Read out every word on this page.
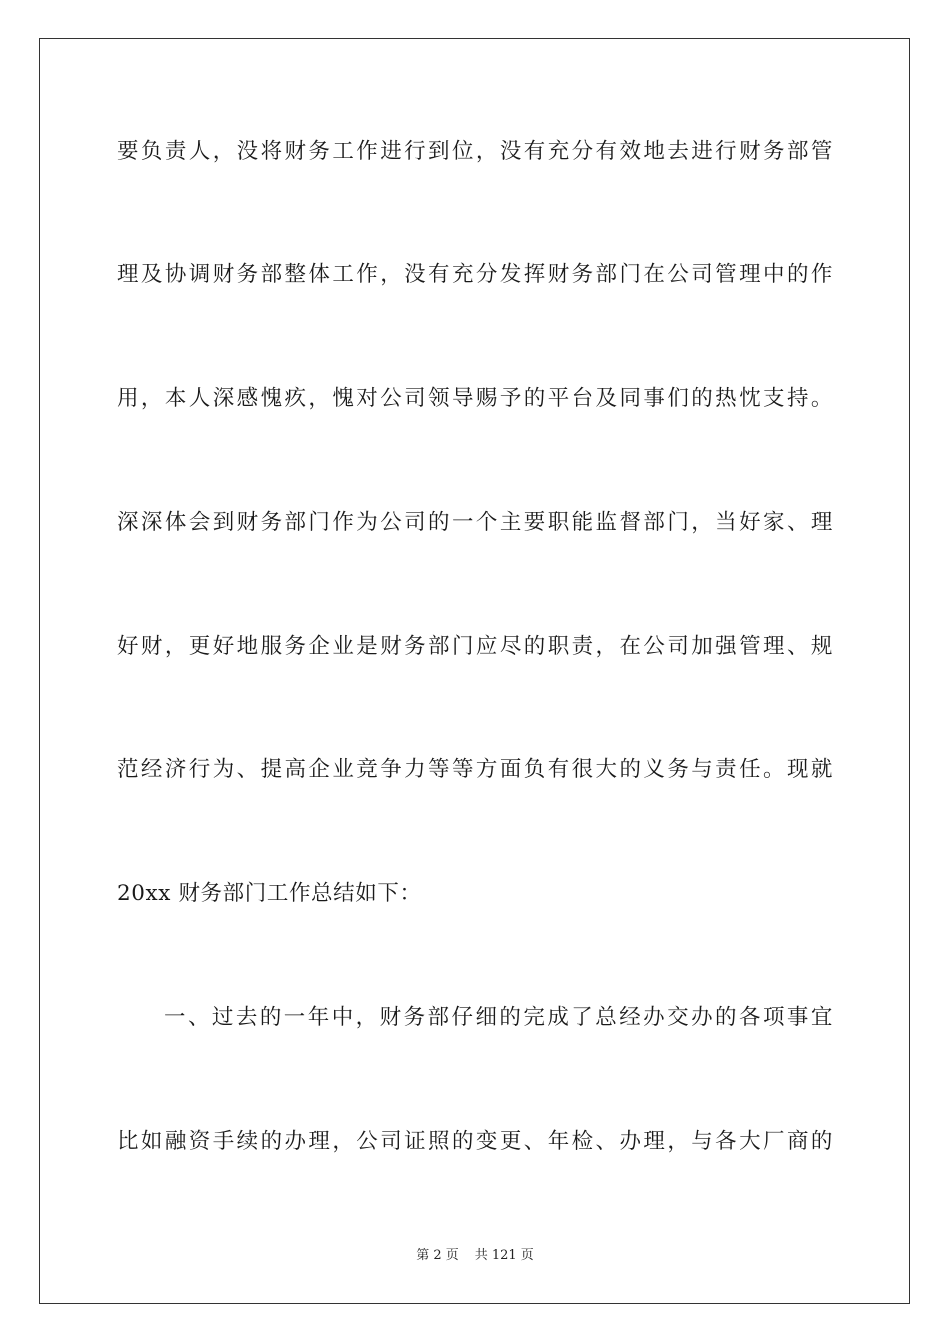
要负责人，没将财务工作进行到位，没有充分有效地去进行财务部管
理及协调财务部整体工作，没有充分发挥财务部门在公司管理中的作
用，本人深感愧疚，愧对公司领导赐予的平台及同事们的热忱支持。
深深体会到财务部门作为公司的一个主要职能监督部门，当好家、理
好财，更好地服务企业是财务部门应尽的职责，在公司加强管理、规
范经济行为、提高企业竞争力等等方面负有很大的义务与责任。现就
20xx 财务部门工作总结如下：
一、过去的一年中，财务部仔细的完成了总经办交办的各项事宜
比如融资手续的办理，公司证照的变更、年检、办理，与各大厂商的
第 2 页 共 121 页
